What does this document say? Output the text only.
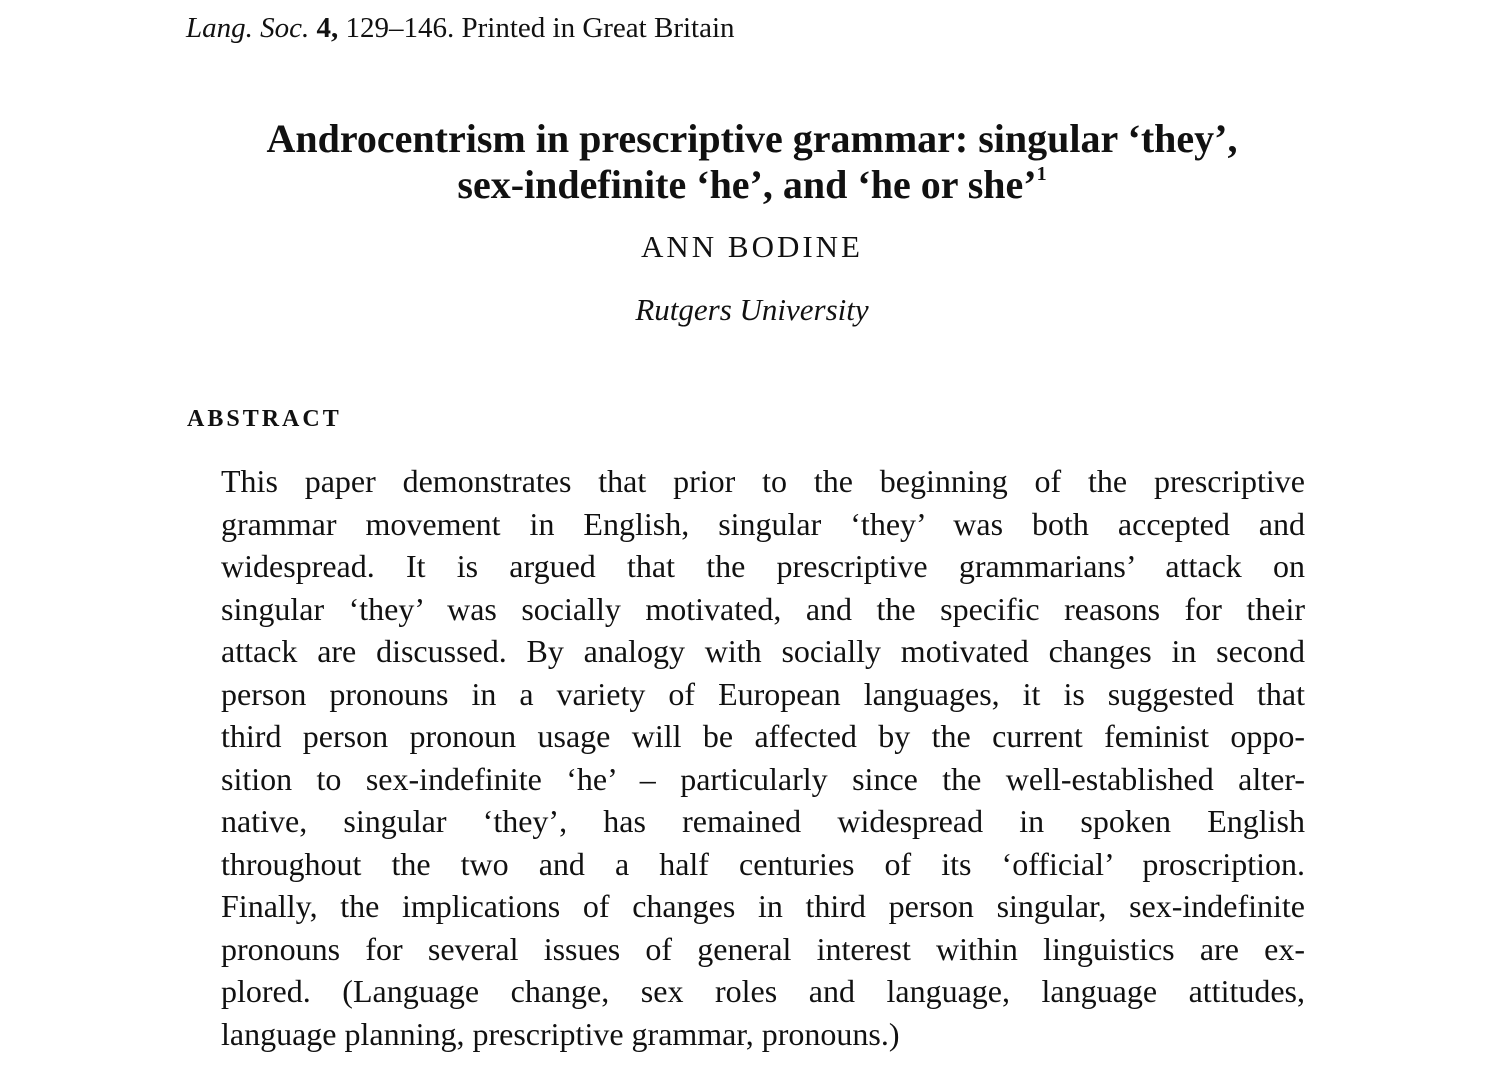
Lang. Soc. 4, 129–146. Printed in Great Britain
Androcentrism in prescriptive grammar: singular ‘they’,
sex-indefinite ‘he’, and ‘he or she’$^1$
ANN BODINE
Rutgers University
ABSTRACT
This paper demonstrates that prior to the beginning of the prescriptive
grammar movement in English, singular ‘they’ was both accepted and
widespread. It is argued that the prescriptive grammarians’ attack on
singular ‘they’ was socially motivated, and the specific reasons for their
attack are discussed. By analogy with socially motivated changes in second
person pronouns in a variety of European languages, it is suggested that
third person pronoun usage will be affected by the current feminist oppo-
sition to sex-indefinite ‘he’ – particularly since the well-established alter-
native, singular ‘they’, has remained widespread in spoken English
throughout the two and a half centuries of its ‘official’ proscription.
Finally, the implications of changes in third person singular, sex-indefinite
pronouns for several issues of general interest within linguistics are ex-
plored. (Language change, sex roles and language, language attitudes,
language planning, prescriptive grammar, pronouns.)
